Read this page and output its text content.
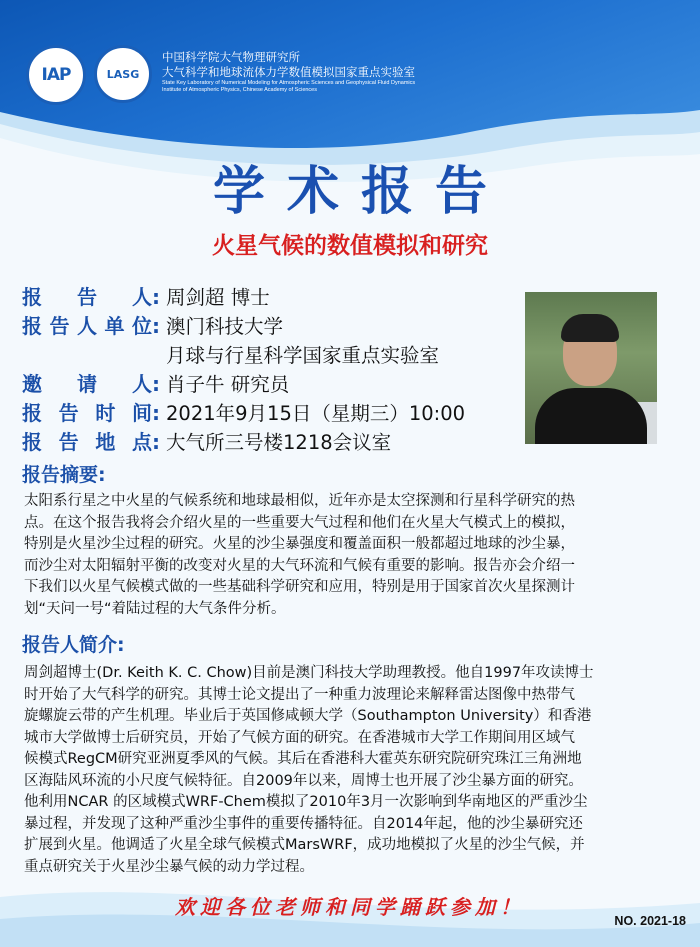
IAP	LASG
中国科学院大气物理研究所
大气科学和地球流体力学数值模拟国家重点实验室
State Key Laboratory of Numerical Modeling for Atmospheric Sciences and Geophysical Fluid Dynamics
Institute of Atmospheric Physics, Chinese Academy of Sciences
学术报告
火星气候的数值模拟和研究
报告人 : 周剑超 博士
报告人单位 : 澳门科技大学
月球与行星科学国家重点实验室
邀请人 : 肖子牛 研究员
报告时间 : 2021年9月15日（星期三）10:00
报告地点 : 大气所三号楼1218会议室
报告摘要:
太阳系行星之中火星的气候系统和地球最相似，近年亦是太空探测和行星科学研究的热
点。在这个报告我将会介绍火星的一些重要大气过程和他们在火星大气模式上的模拟，
特别是火星沙尘过程的研究。火星的沙尘暴强度和覆盖面积一般都超过地球的沙尘暴，
而沙尘对太阳辐射平衡的改变对火星的大气环流和气候有重要的影响。报告亦会介绍一
下我们以火星气候模式做的一些基础科学研究和应用，特别是用于国家首次火星探测计
划“天问一号“着陆过程的大气条件分析。
报告人简介:
周剑超博士(Dr. Keith K. C. Chow)目前是澳门科技大学助理教授。他自1997年攻读博士
时开始了大气科学的研究。其博士论文提出了一种重力波理论来解释雷达图像中热带气
旋螺旋云带的产生机理。毕业后于英国修咸顿大学（Southampton University）和香港
城市大学做博士后研究员，开始了气候方面的研究。在香港城市大学工作期间用区域气
候模式RegCM研究亚洲夏季风的气候。其后在香港科大霍英东研究院研究珠江三角洲地
区海陆风环流的小尺度气候特征。自2009年以来，周博士也开展了沙尘暴方面的研究。
他利用NCAR 的区域模式WRF-Chem模拟了2010年3月一次影响到华南地区的严重沙尘
暴过程，并发现了这种严重沙尘事件的重要传播特征。自2014年起，他的沙尘暴研究还
扩展到火星。他调适了火星全球气候模式MarsWRF，成功地模拟了火星的沙尘气候，并
重点研究关于火星沙尘暴气候的动力学过程。
欢迎各位老师和同学踊跃参加！
NO. 2021-18
